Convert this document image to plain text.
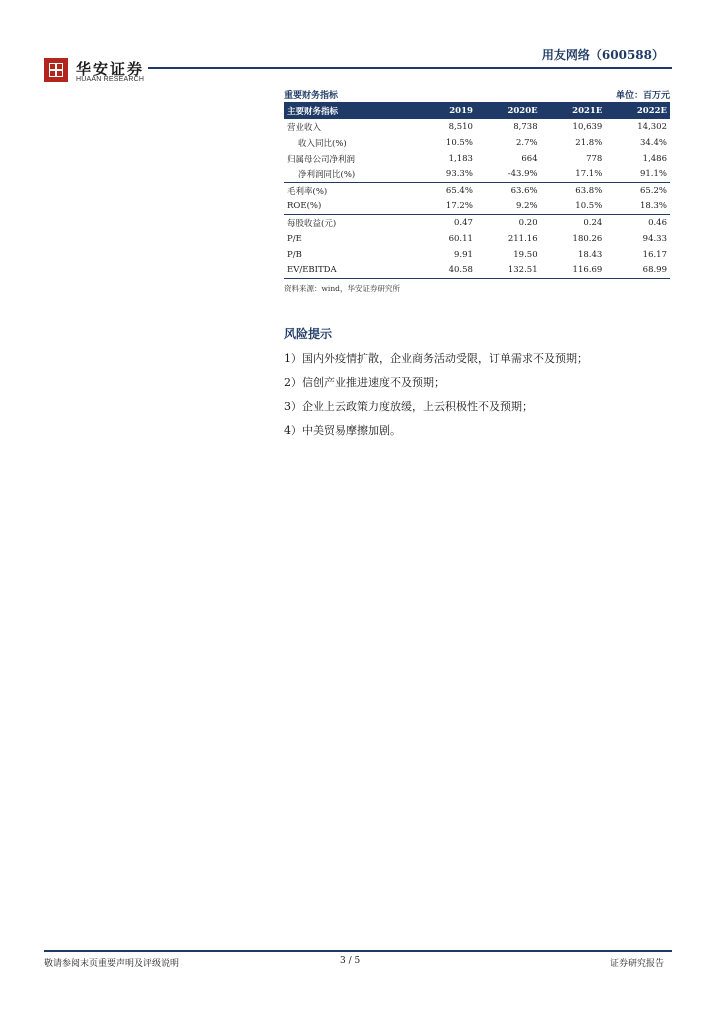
华安证券
HUAAN RESEARCH
用友网络（600588）
重要财务指标	单位：百万元
主要财务指标	2019	2020E	2021E	2022E
营业收入	8,510	8,738	10,639	14,302
收入同比(%)	10.5%	2.7%	21.8%	34.4%
归属母公司净利润	1,183	664	778	1,486
净利润同比(%)	93.3%	-43.9%	17.1%	91.1%
毛利率(%)	65.4%	63.6%	63.8%	65.2%
ROE(%)	17.2%	9.2%	10.5%	18.3%
每股收益(元)	0.47	0.20	0.24	0.46
P/E	60.11	211.16	180.26	94.33
P/B	9.91	19.50	18.43	16.17
EV/EBITDA	40.58	132.51	116.69	68.99
资料来源：wind，华安证券研究所
风险提示
1）国内外疫情扩散，企业商务活动受限，订单需求不及预期；
2）信创产业推进速度不及预期；
3）企业上云政策力度放缓，上云积极性不及预期；
4）中美贸易摩擦加剧。
敬请参阅末页重要声明及评级说明	3 / 5	证券研究报告
